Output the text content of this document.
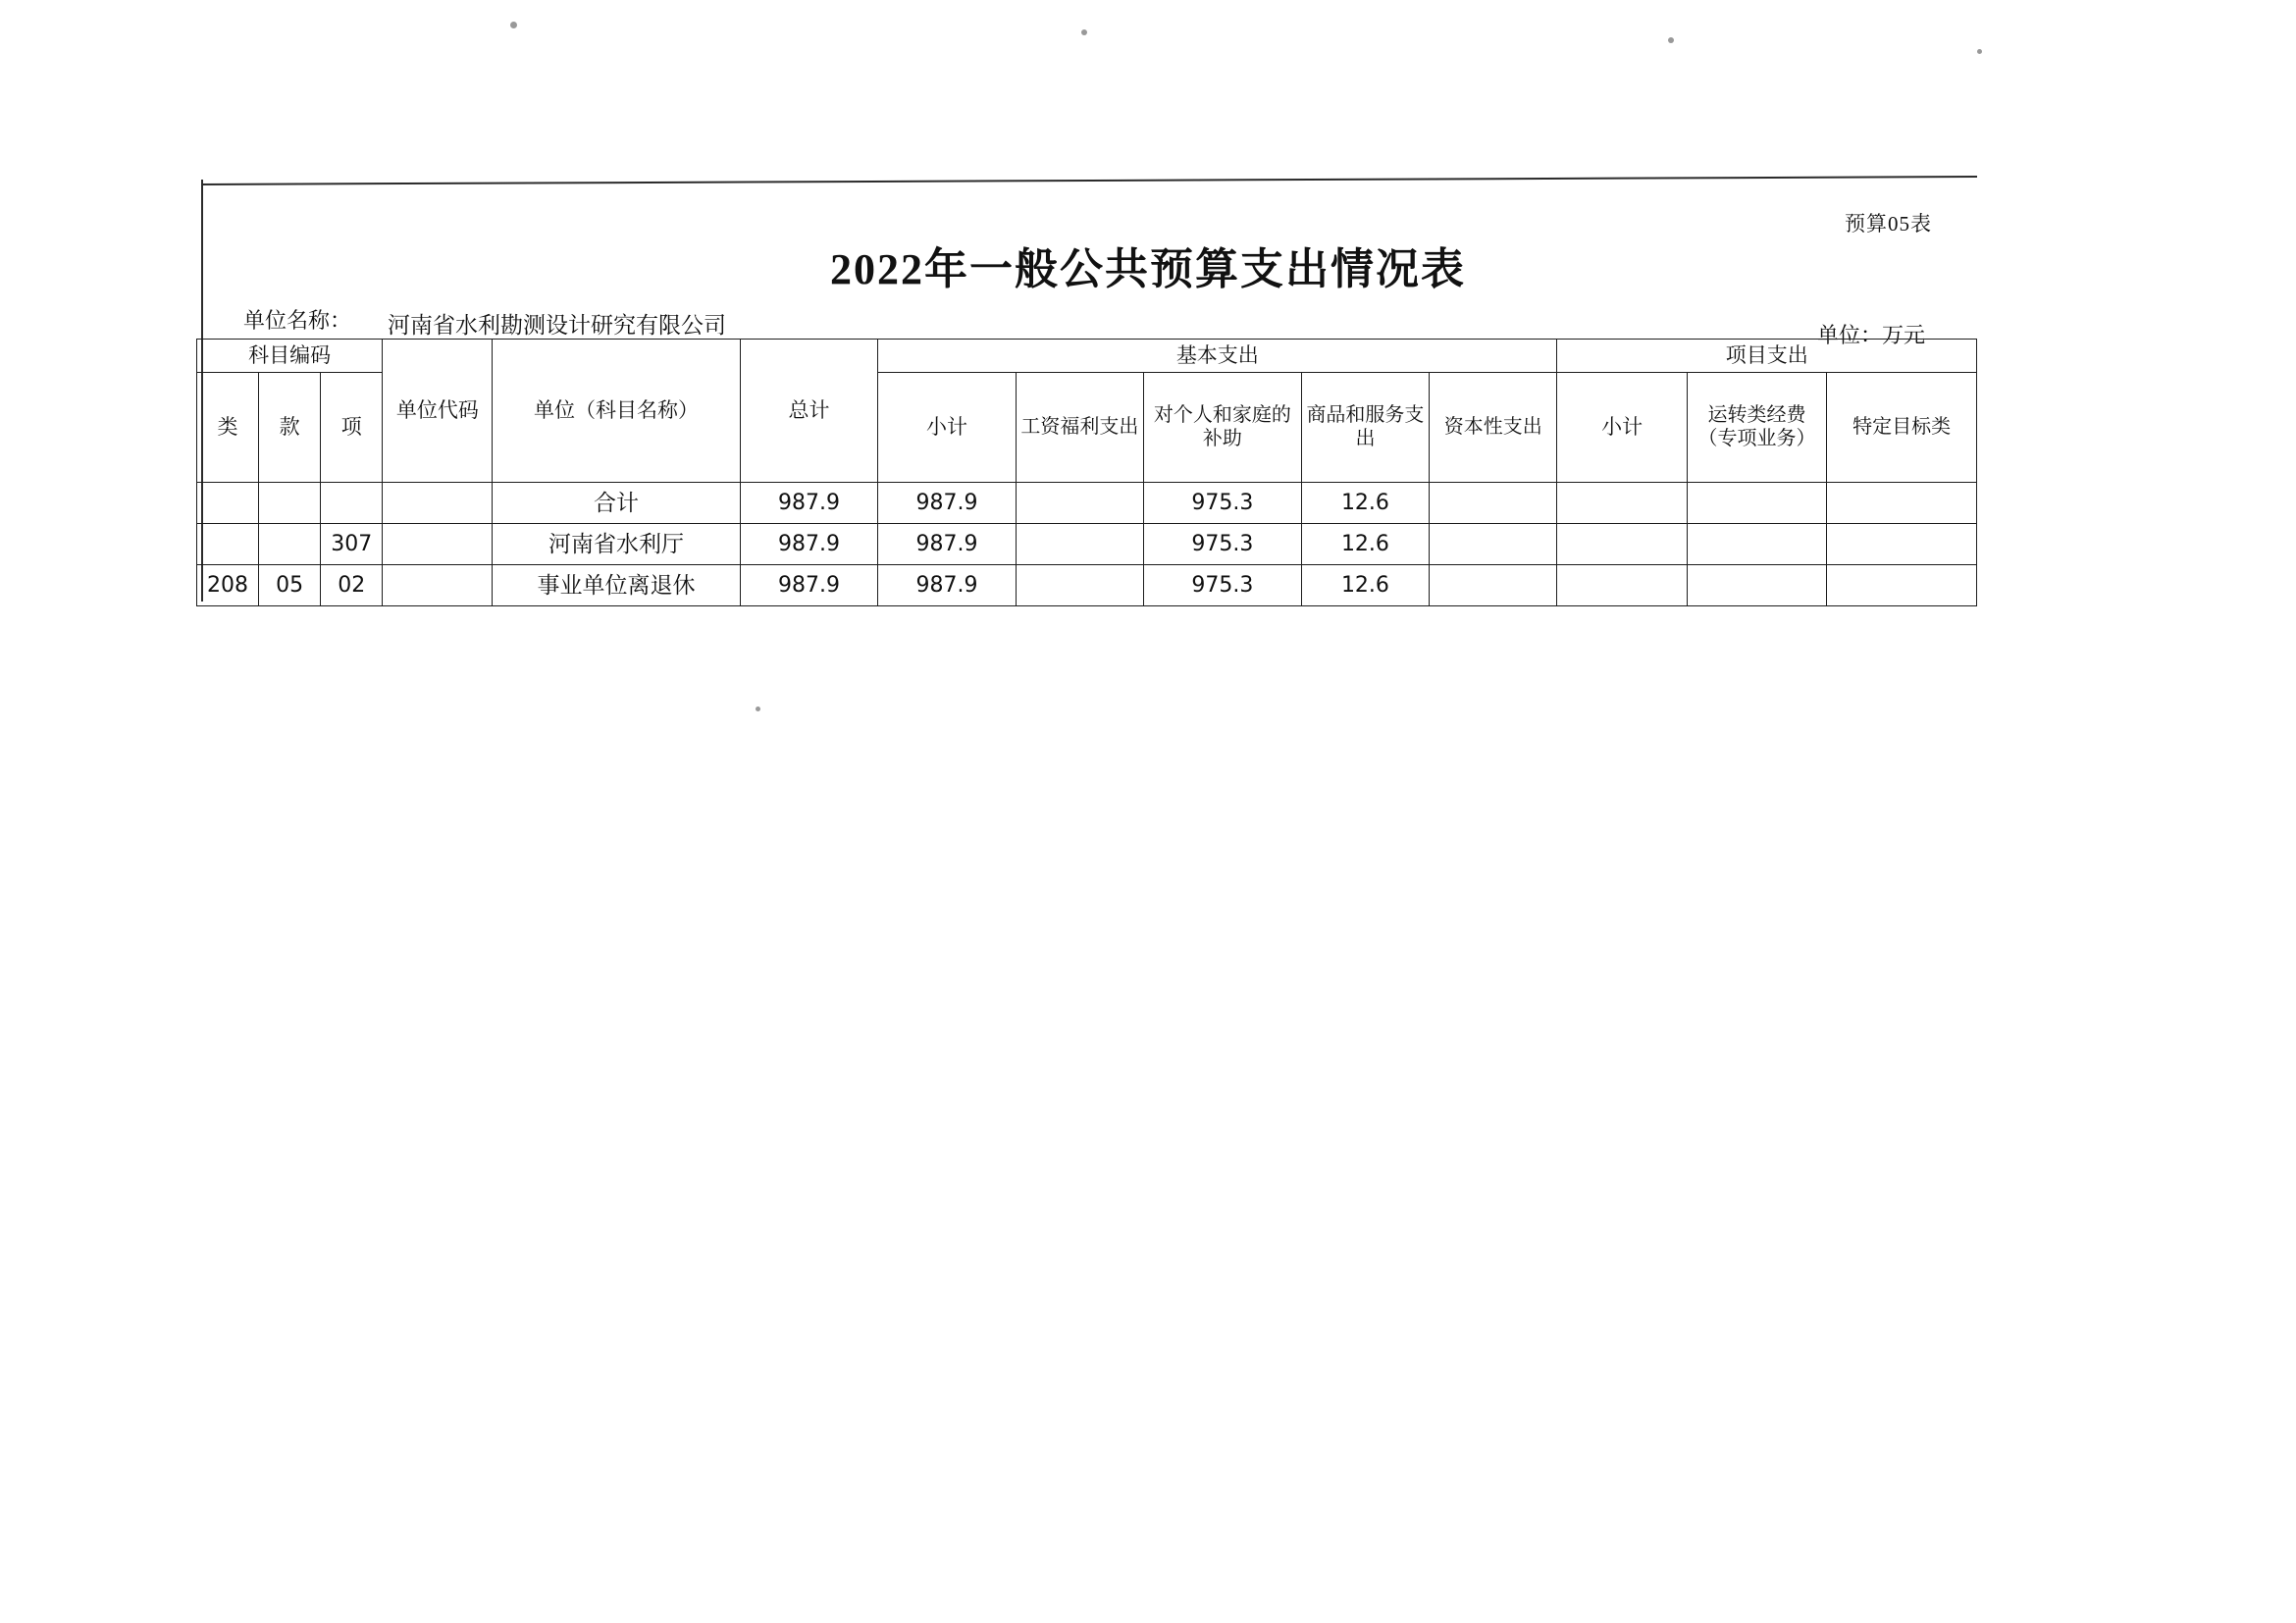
预算05表
2022年一般公共预算支出情况表
单位名称： 河南省水利勘测设计研究有限公司	单位：万元
科目编码			单位代码	单位（科目名称）	总计	基本支出					项目支出		
类	款	项				小计	工资福利支出	对个人和家庭的补助	商品和服务支出	资本性支出	小计	运转类经费（专项业务）	特定目标类
				合计	987.9	987.9		975.3	12.6				
		307		河南省水利厅	987.9	987.9		975.3	12.6				
208	05	02		事业单位离退休	987.9	987.9		975.3	12.6				
